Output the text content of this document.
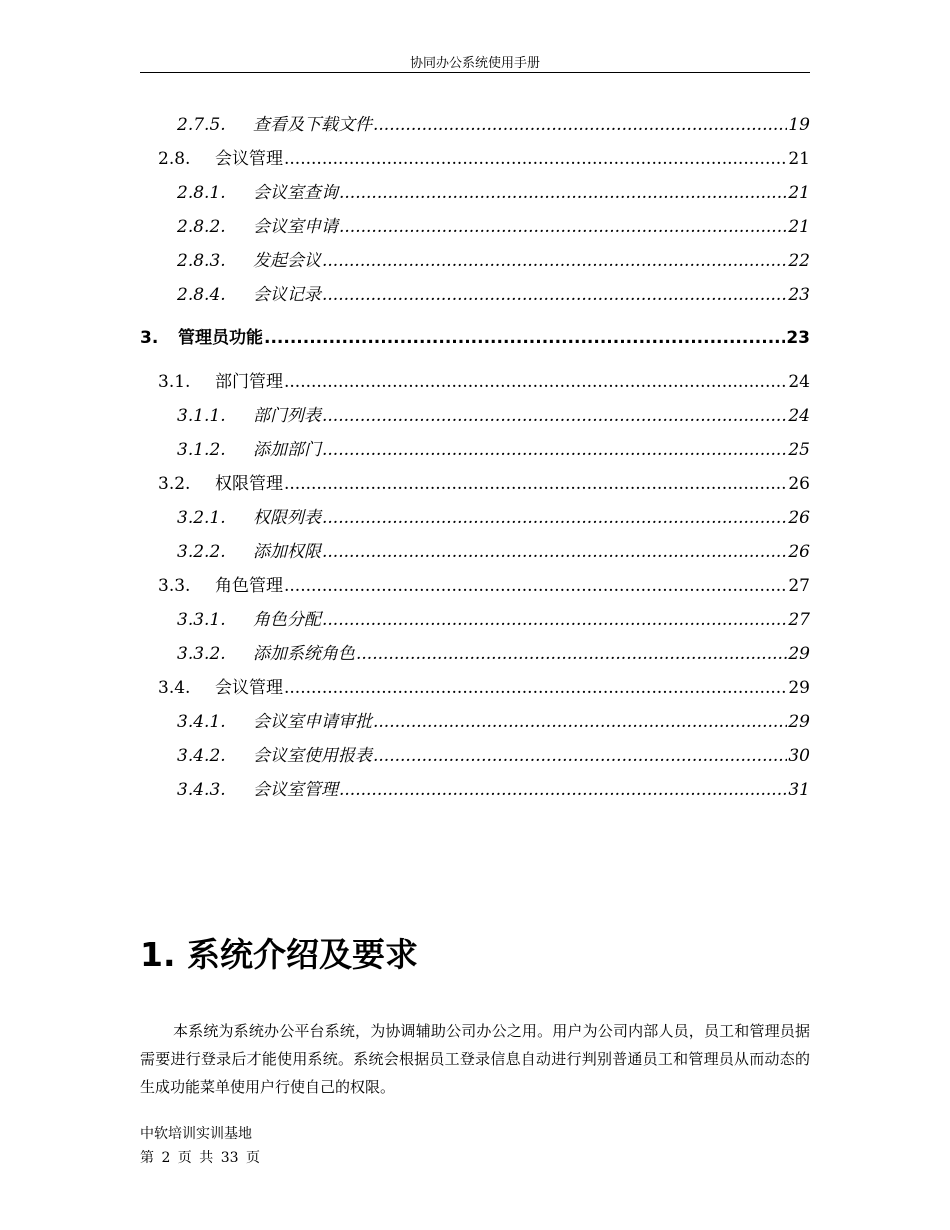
协同办公系统使用手册
2.7.5.	查看及下载文件 .....	19
2.8.	会议管理 .....	21
2.8.1.	会议室查询 .....	21
2.8.2.	会议室申请 .....	21
2.8.3.	发起会议 .....	22
2.8.4.	会议记录 .....	23
3.	管理员功能 .....	23
3.1.	部门管理 .....	24
3.1.1.	部门列表 .....	24
3.1.2.	添加部门 .....	25
3.2.	权限管理 .....	26
3.2.1.	权限列表 .....	26
3.2.2.	添加权限 .....	26
3.3.	角色管理 .....	27
3.3.1.	角色分配 .....	27
3.3.2.	添加系统角色 .....	29
3.4.	会议管理 .....	29
3.4.1.	会议室申请审批 .....	29
3.4.2.	会议室使用报表 .....	30
3.4.3.	会议室管理 .....	31
1. 系统介绍及要求

本系统为系统办公平台系统，为协调辅助公司办公之用。用户为公司内部人员，员工和管理员据需要进行登录后才能使用系统。系统会根据员工登录信息自动进行判别普通员工和管理员从而动态的生成功能菜单使用户行使自己的权限。

中软培训实训基地
第 2 页 共 33 页
